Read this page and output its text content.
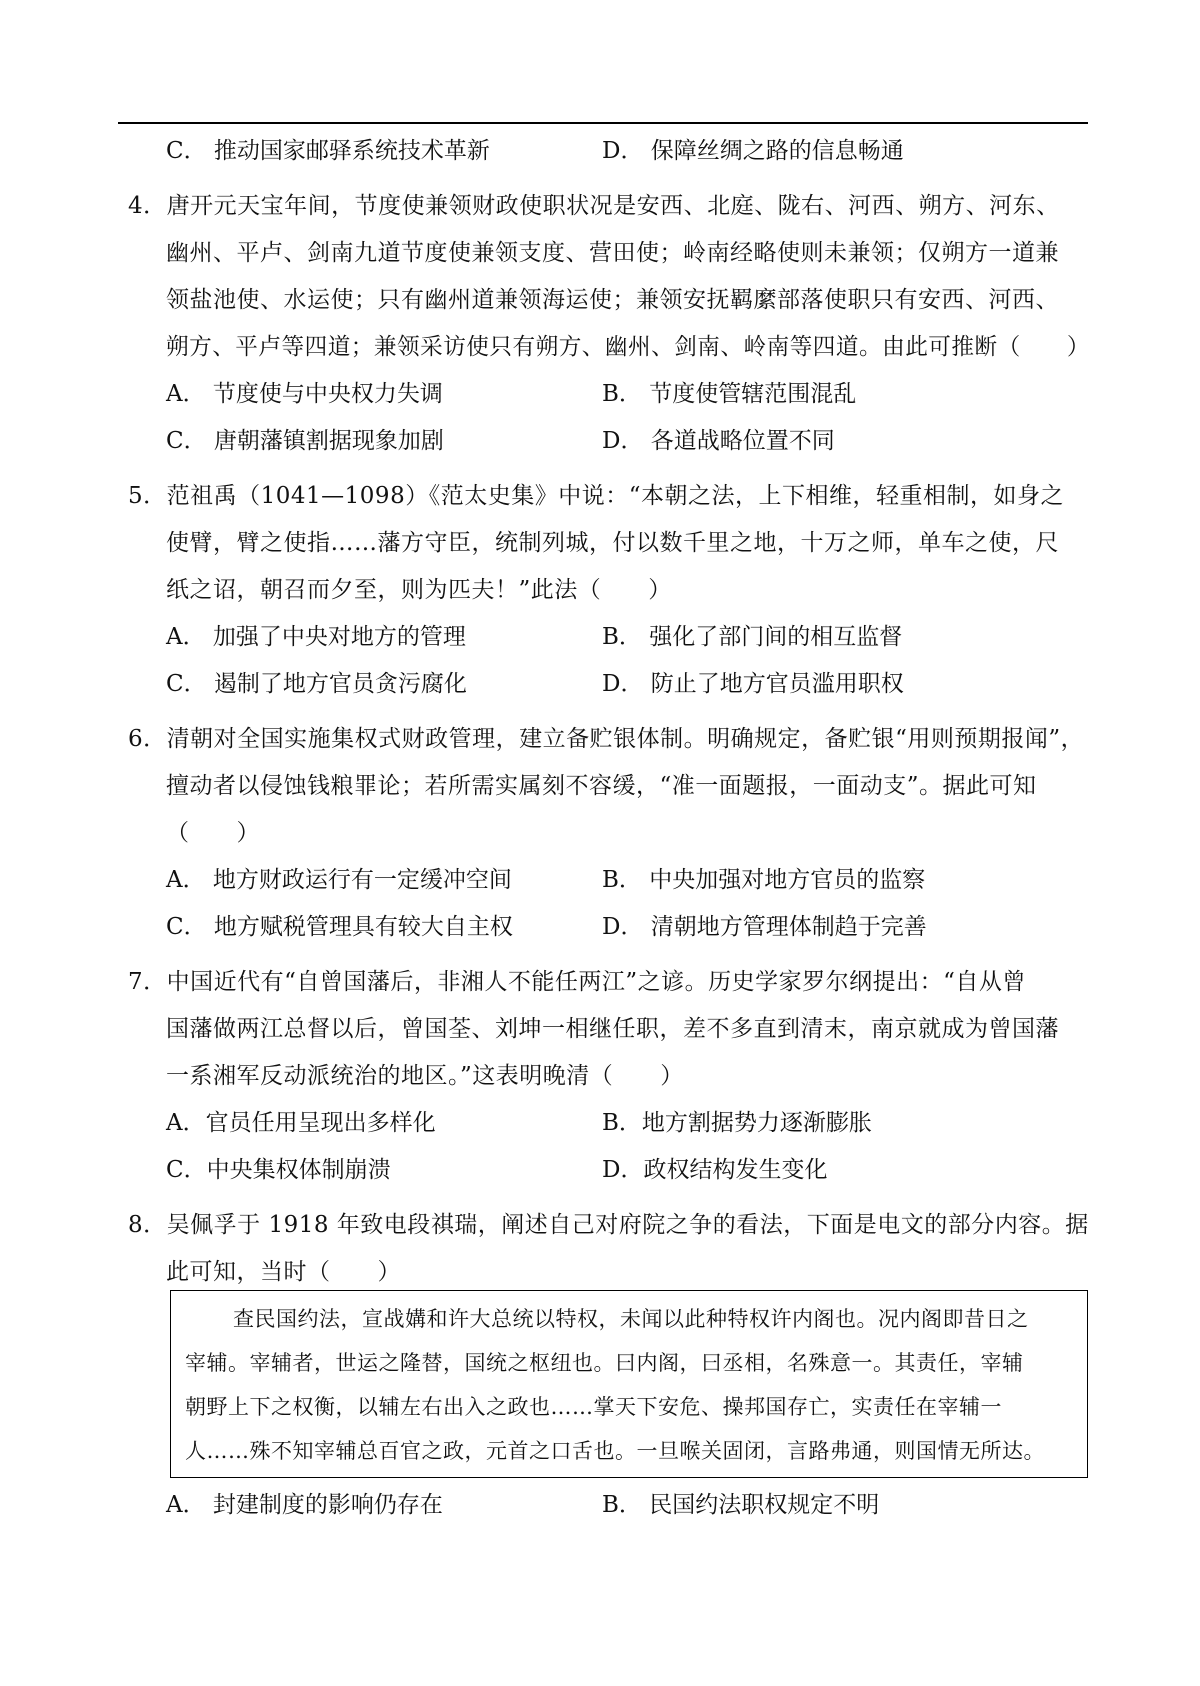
C． 推动国家邮驿系统技术革新	D． 保障丝绸之路的信息畅通
4．唐开元天宝年间，节度使兼领财政使职状况是安西、北庭、陇右、河西、朔方、河东、
幽州、平卢、剑南九道节度使兼领支度、营田使；岭南经略使则未兼领；仅朔方一道兼
领盐池使、水运使；只有幽州道兼领海运使；兼领安抚羁縻部落使职只有安西、河西、
朔方、平卢等四道；兼领采访使只有朔方、幽州、剑南、岭南等四道。由此可推断（　　）
A． 节度使与中央权力失调	B． 节度使管辖范围混乱
C． 唐朝藩镇割据现象加剧	D． 各道战略位置不同
5．范祖禹（1041—1098）《范太史集》中说：“本朝之法，上下相维，轻重相制，如身之
使臂，臂之使指……藩方守臣，统制列城，付以数千里之地，十万之师，单车之使，尺
纸之诏，朝召而夕至，则为匹夫！”此法（　　）
A． 加强了中央对地方的管理	B． 强化了部门间的相互监督
C． 遏制了地方官员贪污腐化	D． 防止了地方官员滥用职权
6．清朝对全国实施集权式财政管理，建立备贮银体制。明确规定，备贮银“用则预期报闻”，
擅动者以侵蚀钱粮罪论；若所需实属刻不容缓，“准一面题报，一面动支”。据此可知
（　　）
A． 地方财政运行有一定缓冲空间	B． 中央加强对地方官员的监察
C． 地方赋税管理具有较大自主权	D． 清朝地方管理体制趋于完善
7．中国近代有“自曾国藩后，非湘人不能任两江”之谚。历史学家罗尔纲提出：“自从曾
国藩做两江总督以后，曾国荃、刘坤一相继任职，差不多直到清末，南京就成为曾国藩
一系湘军反动派统治的地区。”这表明晚清（　　）
A．官员任用呈现出多样化	B．地方割据势力逐渐膨胀
C．中央集权体制崩溃	D．政权结构发生变化
8．吴佩孚于 1918 年致电段祺瑞，阐述自己对府院之争的看法，下面是电文的部分内容。据
此可知，当时（　　）
查民国约法，宣战媾和许大总统以特权，未闻以此种特权许内阁也。况内阁即昔日之
宰辅。宰辅者，世运之隆替，国统之枢纽也。曰内阁，曰丞相，名殊意一。其责任，宰辅
朝野上下之权衡，以辅左右出入之政也……掌天下安危、操邦国存亡，实责任在宰辅一
人……殊不知宰辅总百官之政，元首之口舌也。一旦喉关固闭，言路弗通，则国情无所达。
A． 封建制度的影响仍存在	B． 民国约法职权规定不明
